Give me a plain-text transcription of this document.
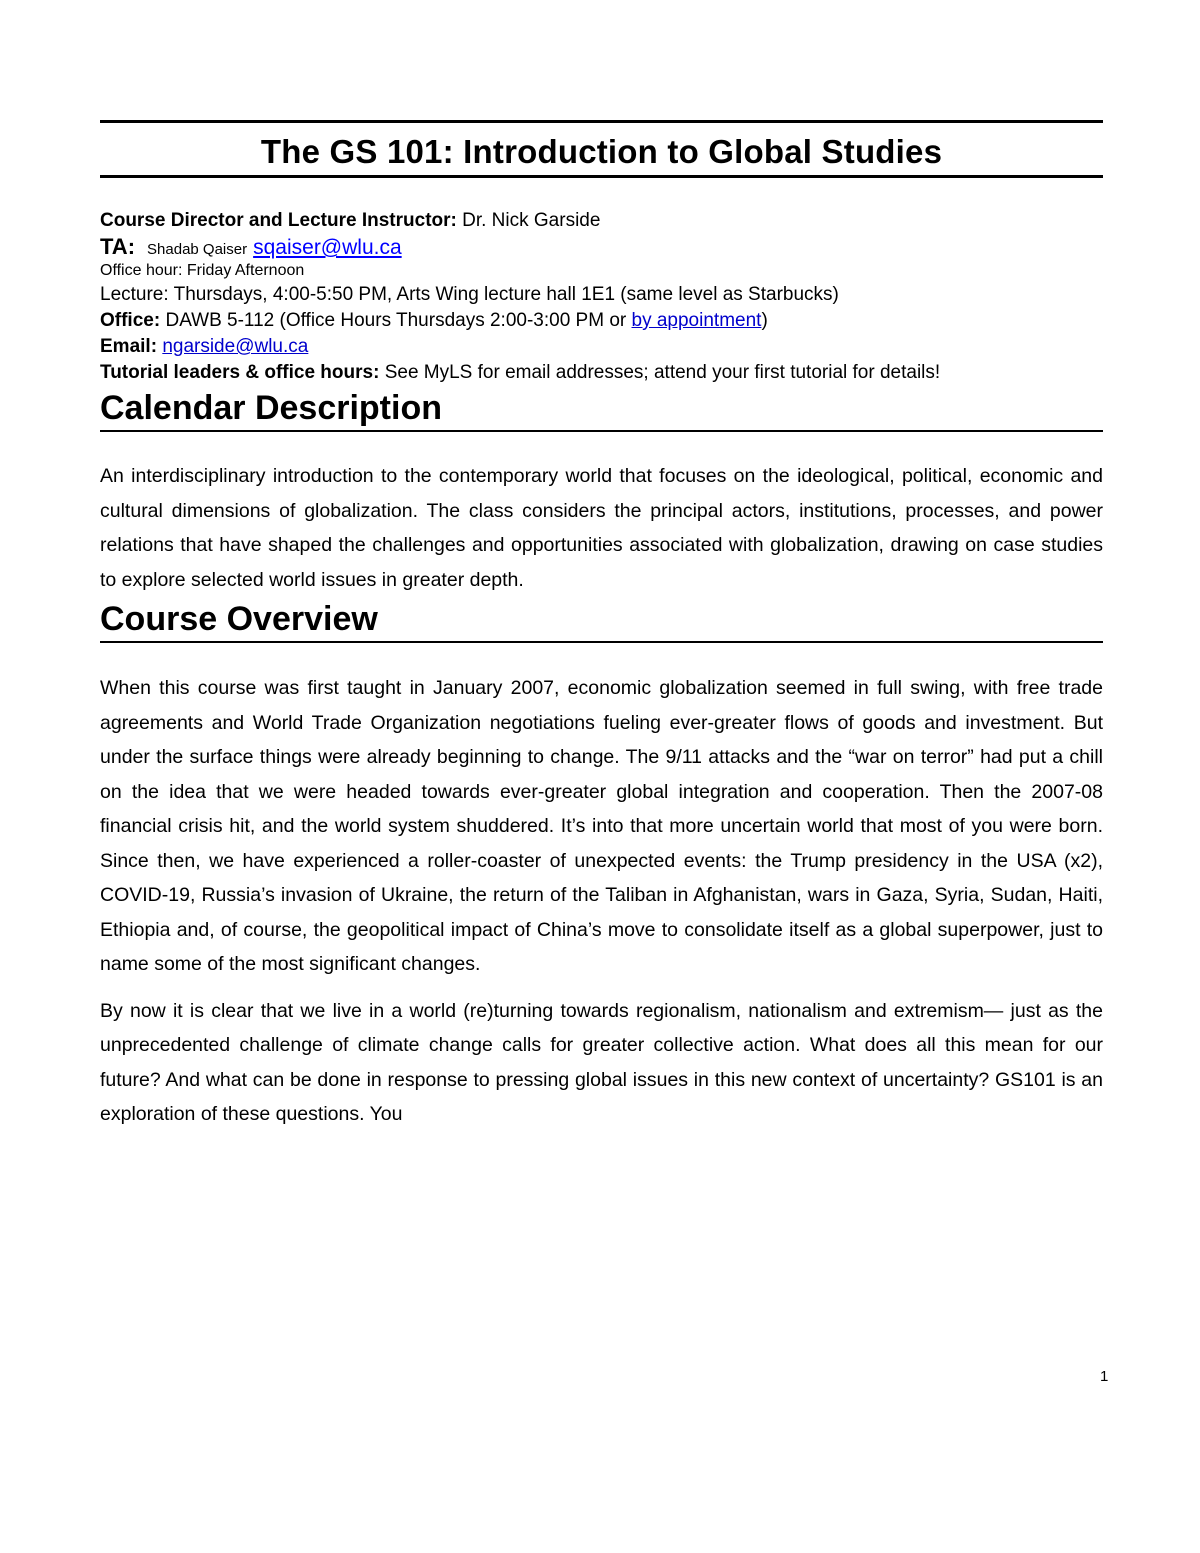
The GS 101: Introduction to Global Studies

Course Director and Lecture Instructor: Dr. Nick Garside

TA: Shadab Qaiser sqaiser@wlu.ca

Office hour: Friday Afternoon

Lecture: Thursdays, 4:00-5:50 PM, Arts Wing lecture hall 1E1 (same level as Starbucks)

Office: DAWB 5-112 (Office Hours Thursdays 2:00-3:00 PM or by appointment)

Email: ngarside@wlu.ca

Tutorial leaders & office hours: See MyLS for email addresses; attend your first tutorial for details!

Calendar Description

An interdisciplinary introduction to the contemporary world that focuses on the ideological, political, economic and cultural dimensions of globalization. The class considers the principal actors, institutions, processes, and power relations that have shaped the challenges and opportunities associated with globalization, drawing on case studies to explore selected world issues in greater depth.

Course Overview

When this course was first taught in January 2007, economic globalization seemed in full swing, with free trade agreements and World Trade Organization negotiations fueling ever-greater flows of goods and investment. But under the surface things were already beginning to change. The 9/11 attacks and the “war on terror” had put a chill on the idea that we were headed towards ever-greater global integration and cooperation. Then the 2007-08 financial crisis hit, and the world system shuddered. It’s into that more uncertain world that most of you were born. Since then, we have experienced a roller-coaster of unexpected events: the Trump presidency in the USA (x2), COVID-19, Russia’s invasion of Ukraine, the return of the Taliban in Afghanistan, wars in Gaza, Syria, Sudan, Haiti, Ethiopia and, of course, the geopolitical impact of China’s move to consolidate itself as a global superpower, just to name some of the most significant changes.

By now it is clear that we live in a world (re)turning towards regionalism, nationalism and extremism— just as the unprecedented challenge of climate change calls for greater collective action. What does all this mean for our future? And what can be done in response to pressing global issues in this new context of uncertainty? GS101 is an exploration of these questions. You

1
